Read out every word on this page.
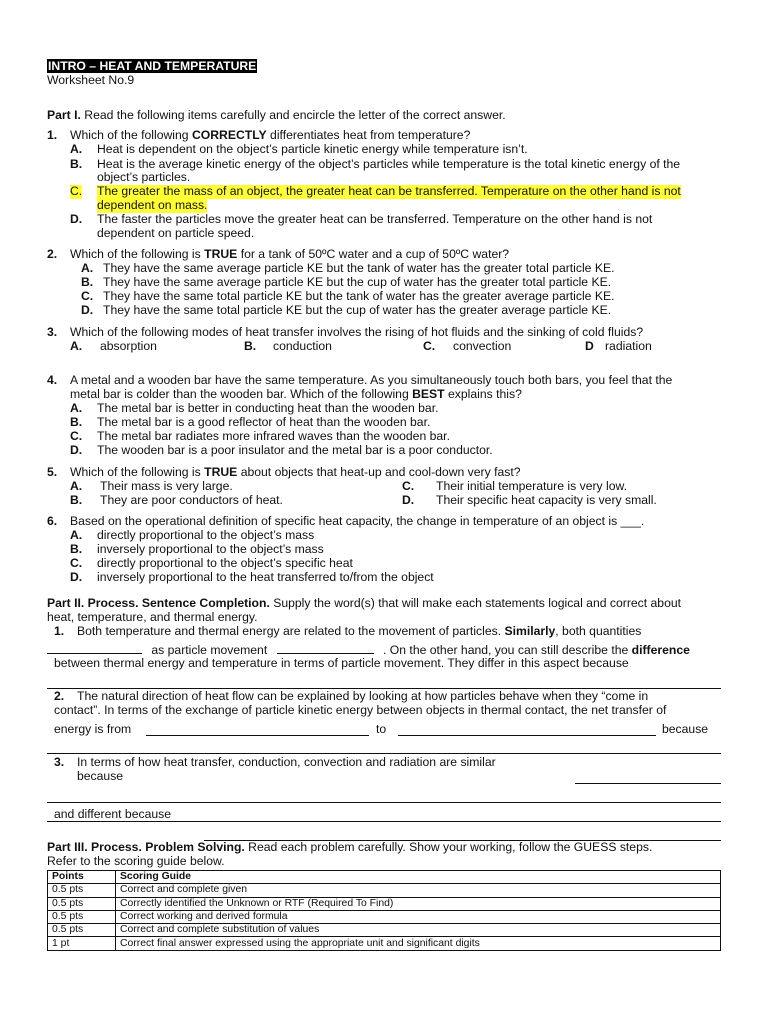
INTRO – HEAT AND TEMPERATURE
Worksheet No.9
Part I. Read the following items carefully and encircle the letter of the correct answer.
1. Which of the following CORRECTLY differentiates heat from temperature?
A. Heat is dependent on the object’s particle kinetic energy while temperature isn’t.
B. Heat is the average kinetic energy of the object’s particles while temperature is the total kinetic energy of the
object’s particles.
C. The greater the mass of an object, the greater heat can be transferred. Temperature on the other hand is not
dependent on mass.
D. The faster the particles move the greater heat can be transferred. Temperature on the other hand is not
dependent on particle speed.
2. Which of the following is TRUE for a tank of 50ºC water and a cup of 50ºC water?
A. They have the same average particle KE but the tank of water has the greater total particle KE.
B. They have the same average particle KE but the cup of water has the greater total particle KE.
C. They have the same total particle KE but the tank of water has the greater average particle KE.
D. They have the same total particle KE but the cup of water has the greater average particle KE.
3. Which of the following modes of heat transfer involves the rising of hot fluids and the sinking of cold fluids?
A. absorption	B. conduction	C. convection	D radiation
4. A metal and a wooden bar have the same temperature. As you simultaneously touch both bars, you feel that the
metal bar is colder than the wooden bar. Which of the following BEST explains this?
A. The metal bar is better in conducting heat than the wooden bar.
B. The metal bar is a good reflector of heat than the wooden bar.
C. The metal bar radiates more infrared waves than the wooden bar.
D. The wooden bar is a poor insulator and the metal bar is a poor conductor.
5. Which of the following is TRUE about objects that heat-up and cool-down very fast?
A. Their mass is very large.
B. They are poor conductors of heat.
C. Their initial temperature is very low.
D. Their specific heat capacity is very small.
6. Based on the operational definition of specific heat capacity, the change in temperature of an object is ___.
A. directly proportional to the object’s mass
B. inversely proportional to the object’s mass
C. directly proportional to the object’s specific heat
D. inversely proportional to the heat transferred to/from the object
Part II. Process. Sentence Completion. Supply the word(s) that will make each statements logical and correct about
heat, temperature, and thermal energy.
1. Both temperature and thermal energy are related to the movement of particles. Similarly, both quantities
as particle movement	. On the other hand, you can still describe the difference
between thermal energy and temperature in terms of particle movement. They differ in this aspect because
2. The natural direction of heat flow can be explained by looking at how particles behave when they “come in
contact”. In terms of the exchange of particle kinetic energy between objects in thermal contact, the net transfer of
energy is from	to	because
3. In terms of how heat transfer, conduction, convection and radiation are similar
because
and different because
Part III. Process. Problem Solving. Read each problem carefully. Show your working, follow the GUESS steps.
Refer to the scoring guide below.
Points	Scoring Guide
0.5 pts	Correct and complete given
0.5 pts	Correctly identified the Unknown or RTF (Required To Find)
0.5 pts	Correct working and derived formula
0.5 pts	Correct and complete substitution of values
1 pt	Correct final answer expressed using the appropriate unit and significant digits
